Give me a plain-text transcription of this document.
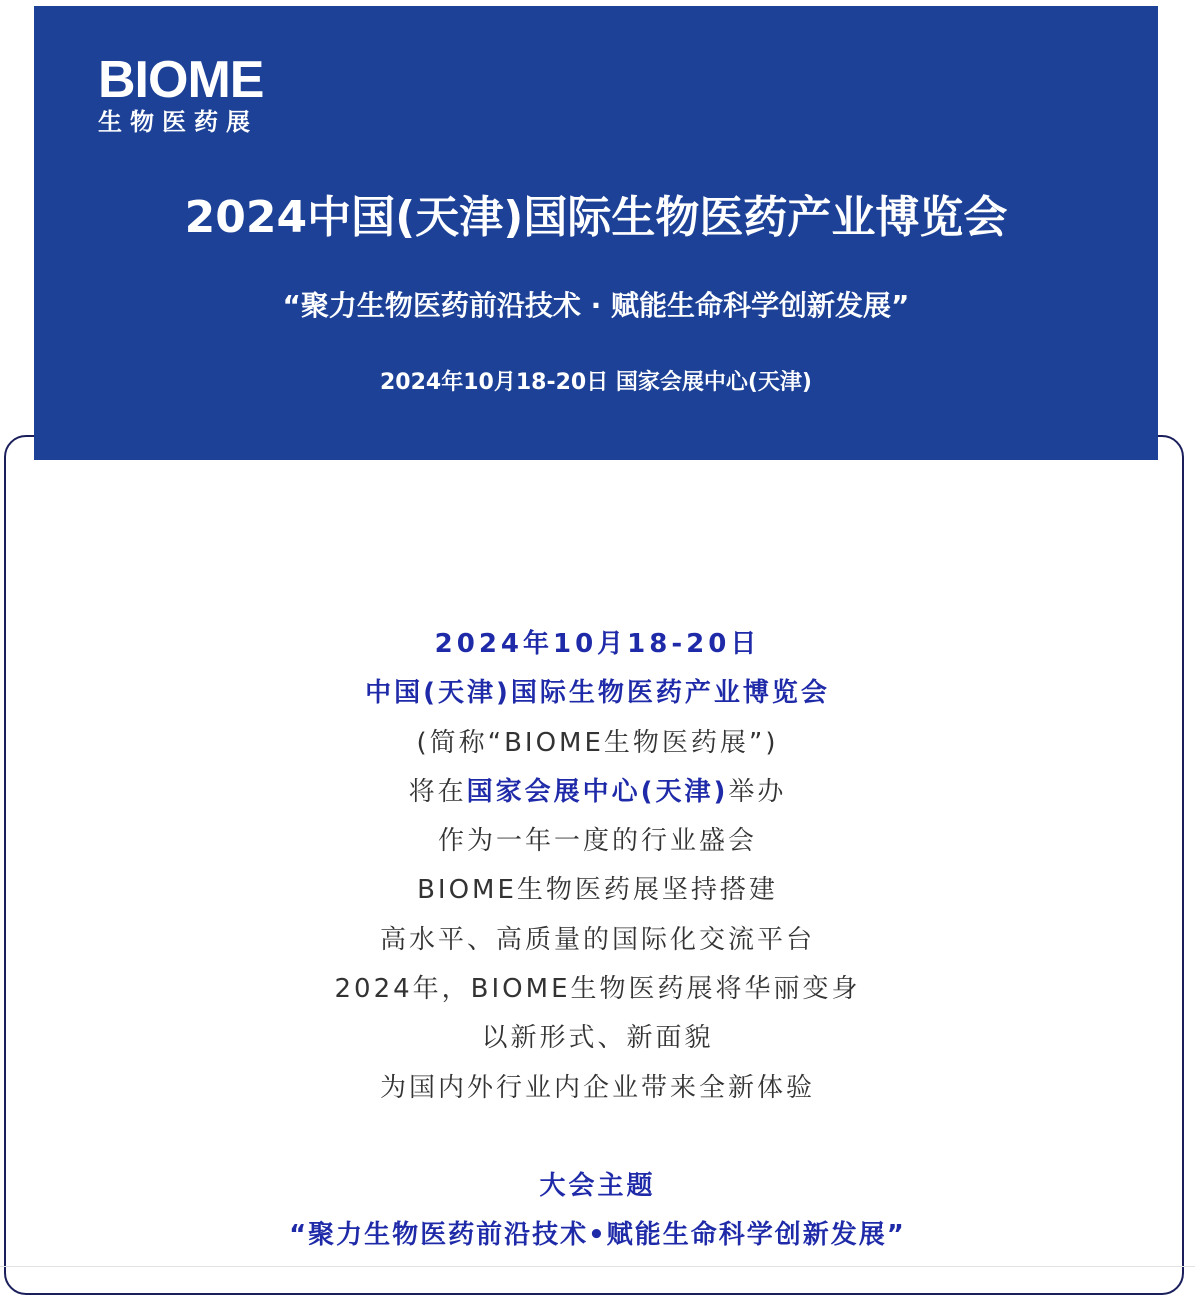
BIOME
生物医药展
2024中国(天津)国际生物医药产业博览会
“聚力生物医药前沿技术 · 赋能生命科学创新发展”
2024年10月18-20日 国家会展中心(天津)
2024年10月18-20日
中国(天津)国际生物医药产业博览会
(简称“BIOME生物医药展”)
将在国家会展中心(天津)举办
作为一年一度的行业盛会
BIOME生物医药展坚持搭建
高水平、高质量的国际化交流平台
2024年，BIOME生物医药展将华丽变身
以新形式、新面貌
为国内外行业内企业带来全新体验
大会主题
“聚力生物医药前沿技术•赋能生命科学创新发展”
